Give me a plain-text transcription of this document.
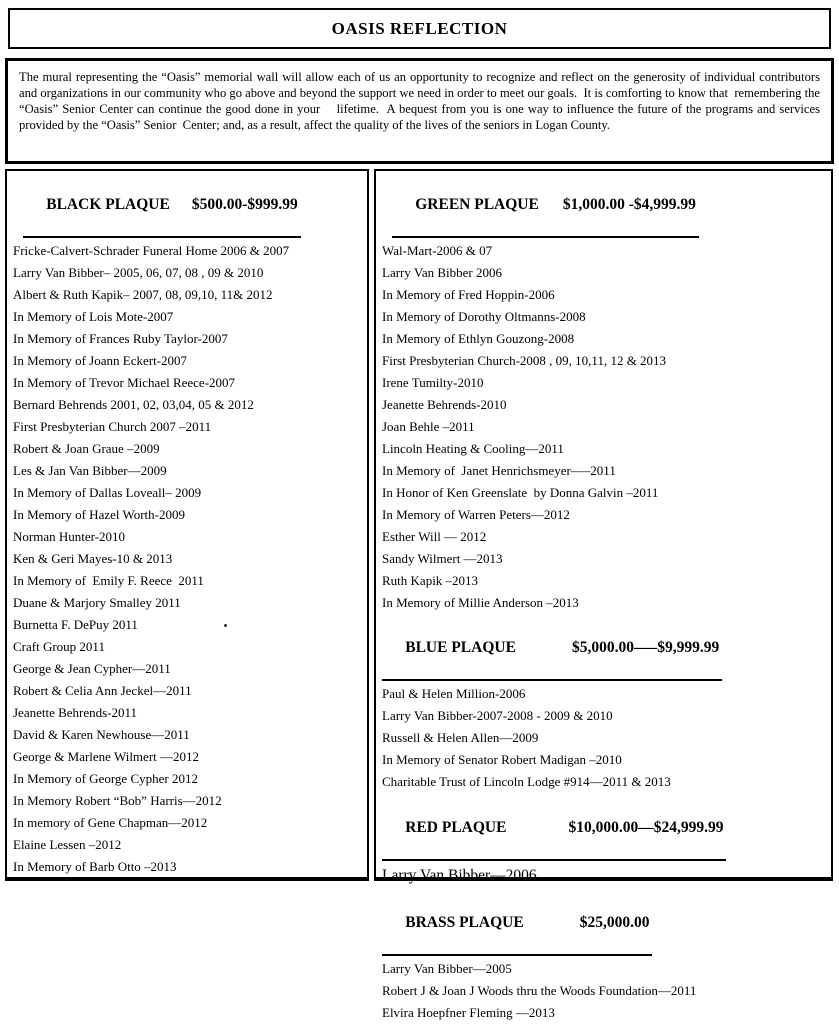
OASIS REFLECTION

The mural representing the “Oasis” memorial wall will allow each of us an opportunity to recognize and reflect on the generosity of individual contributors and organizations in our community who go above and beyond the support we need in order to meet our goals.  It is comforting to know that  remembering the “Oasis” Senior Center can continue the good done in your    lifetime.  A bequest from you is one way to influence the future of the programs and services provided by the “Oasis” Senior  Center; and, as a result, affect the quality of the lives of the seniors in Logan County.

BLACK PLAQUE $500.00-$999.99

Fricke-Calvert-Schrader Funeral Home 2006 & 2007
Larry Van Bibber– 2005, 06, 07, 08 , 09 & 2010
Albert & Ruth Kapik– 2007, 08, 09,10, 11& 2012
In Memory of Lois Mote-2007
In Memory of Frances Ruby Taylor-2007
In Memory of Joann Eckert-2007
In Memory of Trevor Michael Reece-2007
Bernard Behrends 2001, 02, 03,04, 05 & 2012
First Presbyterian Church 2007 –2011
Robert & Joan Graue –2009
Les & Jan Van Bibber—2009
In Memory of Dallas Loveall– 2009
In Memory of Hazel Worth-2009
Norman Hunter-2010
Ken & Geri Mayes-10 & 2013
In Memory of  Emily F. Reece  2011
Duane & Marjory Smalley 2011
Burnetta F. DePuy 2011
Craft Group 2011
George & Jean Cypher—2011
Robert & Celia Ann Jeckel—2011
Jeanette Behrends-2011
David & Karen Newhouse—2011
George & Marlene Wilmert —2012
In Memory of George Cypher 2012
In Memory Robert “Bob” Harris—2012
In memory of Gene Chapman—2012
Elaine Lessen –2012
In Memory of Barb Otto –2013

GREEN PLAQUE $1,000.00 -$4,999.99

Wal-Mart-2006 & 07
Larry Van Bibber 2006
In Memory of Fred Hoppin-2006
In Memory of Dorothy Oltmanns-2008
In Memory of Ethlyn Gouzong-2008
First Presbyterian Church-2008 , 09, 10,11, 12 & 2013
Irene Tumilty-2010
Jeanette Behrends-2010
Joan Behle –2011
Lincoln Heating & Cooling—2011
In Memory of  Janet Henrichsmeyer—–2011
In Honor of Ken Greenslate  by Donna Galvin –2011
In Memory of Warren Peters—2012
Esther Will — 2012
Sandy Wilmert —2013
Ruth Kapik –2013
In Memory of Millie Anderson –2013

BLUE PLAQUE	$5,000.00—–$9,999.99

Paul & Helen Million-2006
Larry Van Bibber-2007-2008 - 2009 & 2010
Russell & Helen Allen—2009
In Memory of Senator Robert Madigan –2010
Charitable Trust of Lincoln Lodge #914—2011 & 2013

RED PLAQUE	$10,000.00—$24,999.99

Larry Van Bibber—2006

BRASS PLAQUE	$25,000.00

Larry Van Bibber—2005
Robert J & Joan J Woods thru the Woods Foundation—2011
Elvira Hoepfner Fleming —2013
